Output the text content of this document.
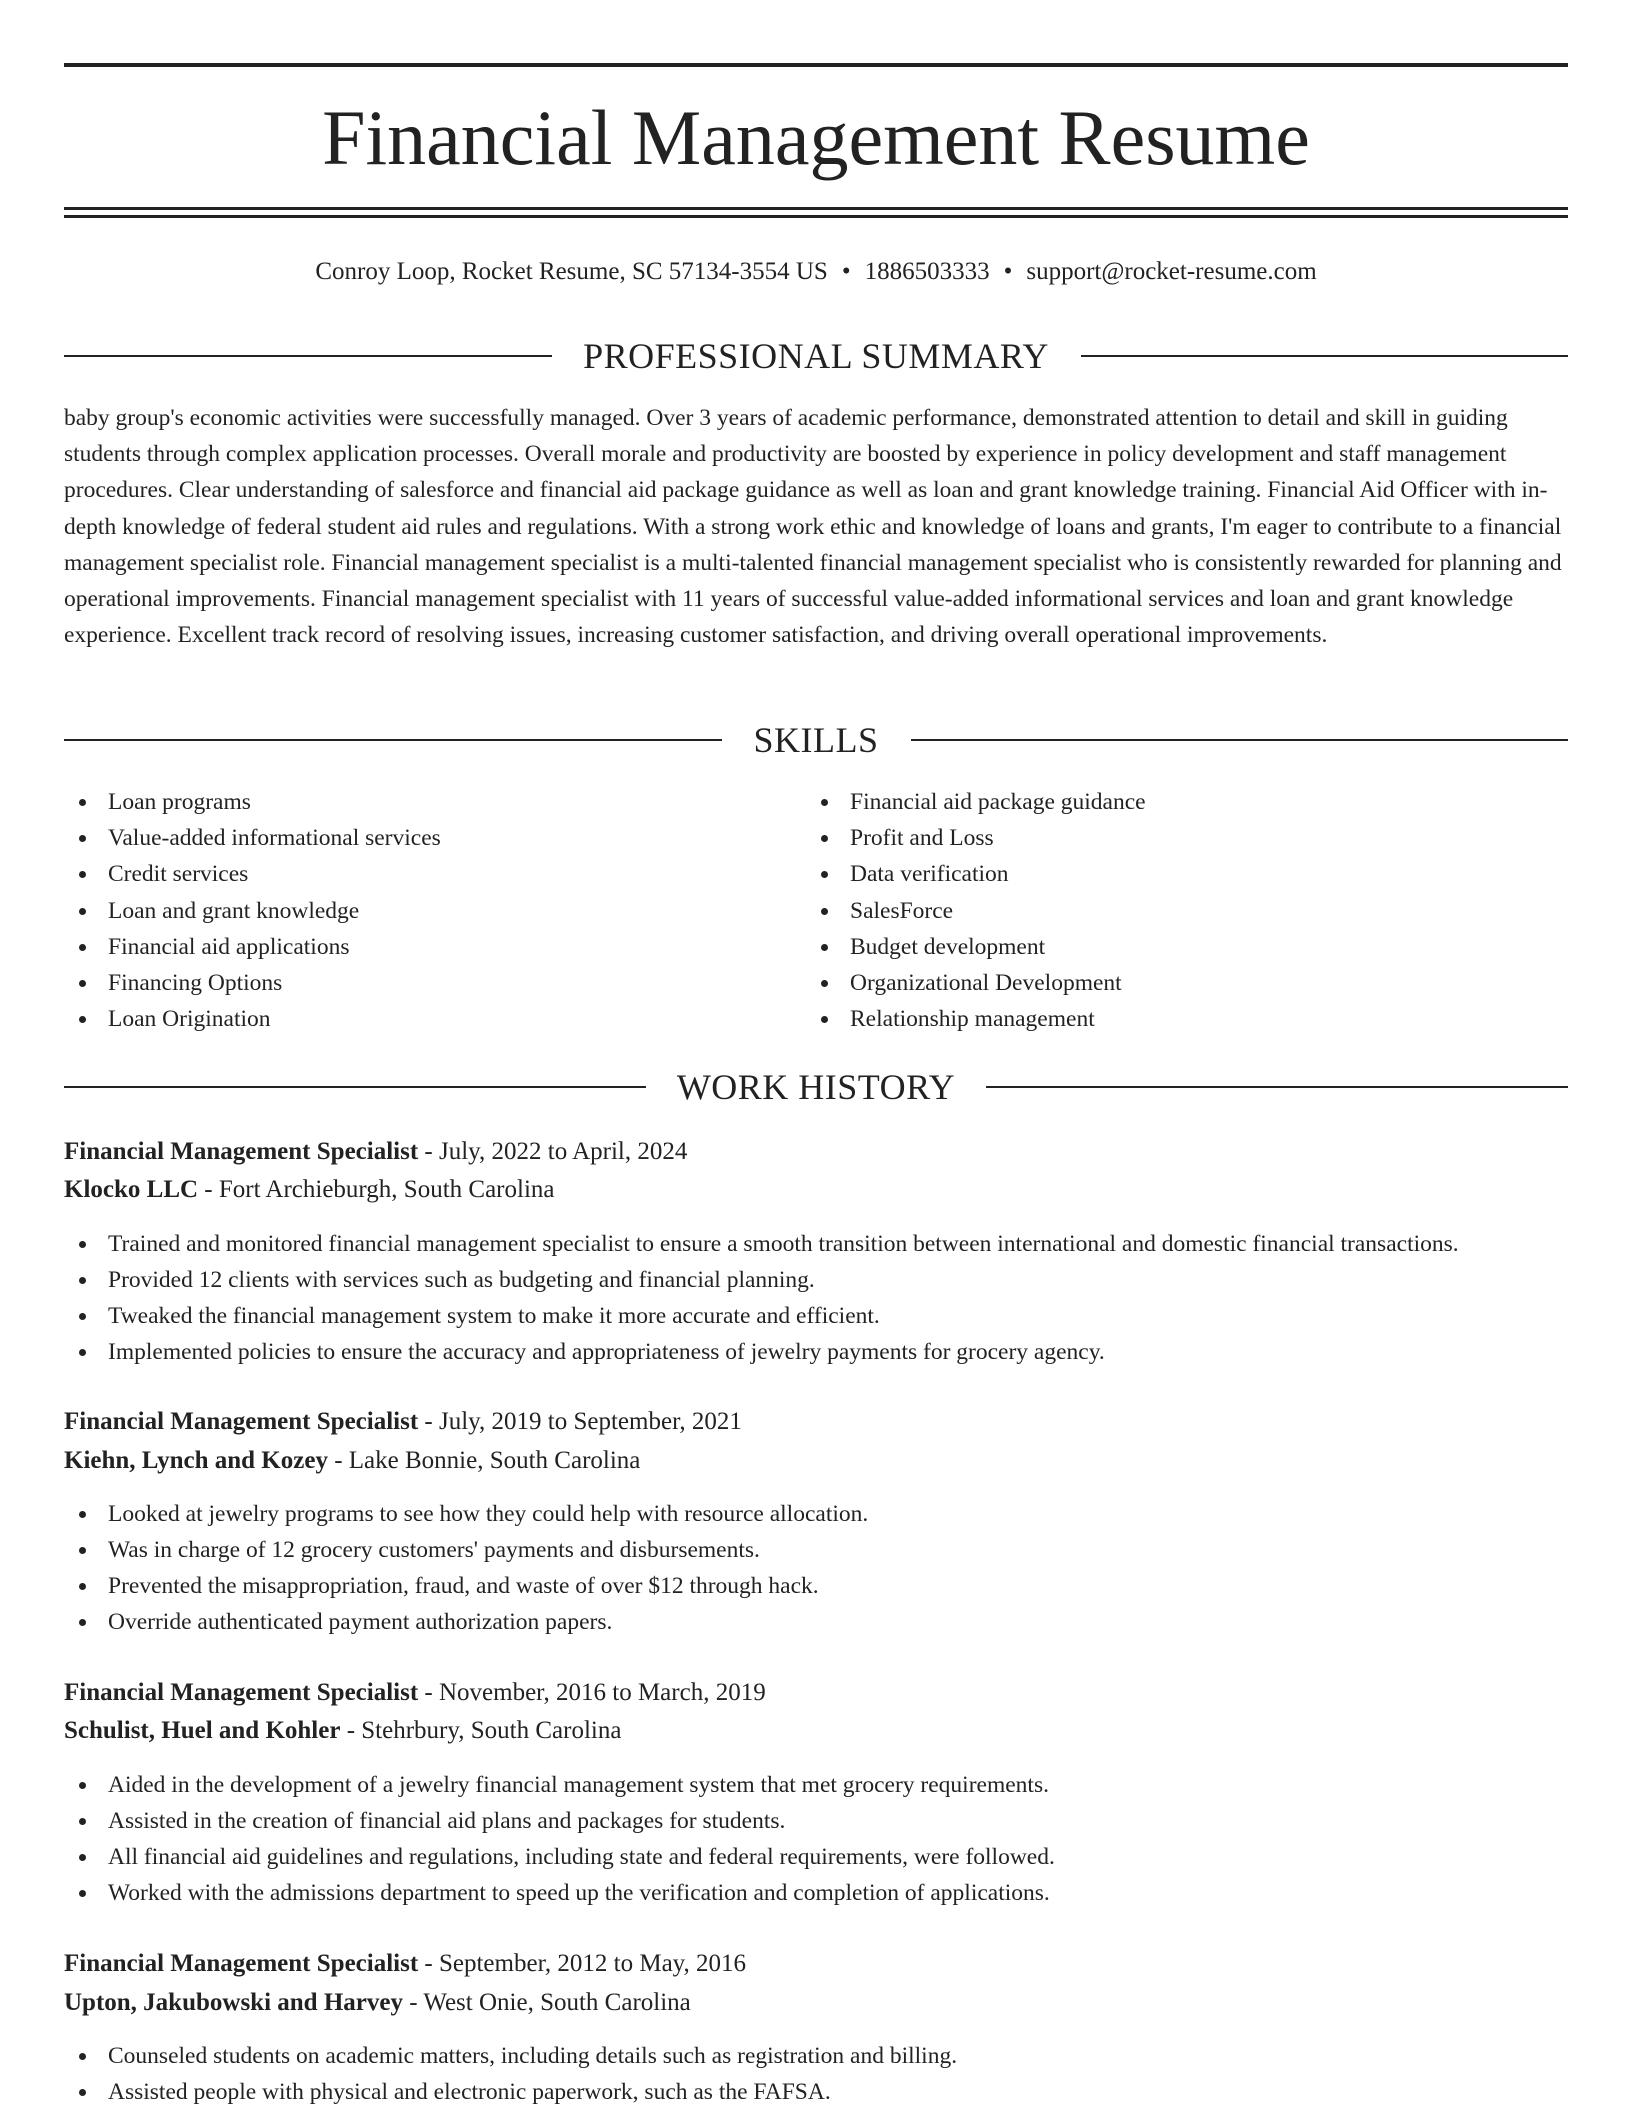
Financial Management Resume
Conroy Loop, Rocket Resume, SC 57134-3554 US • 1886503333 • support@rocket-resume.com
PROFESSIONAL SUMMARY

baby group's economic activities were successfully managed. Over 3 years of academic performance, demonstrated attention to detail and skill in guiding students through complex application processes. Overall morale and productivity are boosted by experience in policy development and staff management procedures. Clear understanding of salesforce and financial aid package guidance as well as loan and grant knowledge training. Financial Aid Officer with in-depth knowledge of federal student aid rules and regulations. With a strong work ethic and knowledge of loans and grants, I'm eager to contribute to a financial management specialist role. Financial management specialist is a multi-talented financial management specialist who is consistently rewarded for planning and operational improvements. Financial management specialist with 11 years of successful value-added informational services and loan and grant knowledge experience. Excellent track record of resolving issues, increasing customer satisfaction, and driving overall operational improvements.

SKILLS
Loan programs
Value-added informational services
Credit services
Loan and grant knowledge
Financial aid applications
Financing Options
Loan Origination
Financial aid package guidance
Profit and Loss
Data verification
SalesForce
Budget development
Organizational Development
Relationship management
WORK HISTORY
Financial Management Specialist - July, 2022 to April, 2024
Klocko LLC - Fort Archieburgh, South Carolina
Trained and monitored financial management specialist to ensure a smooth transition between international and domestic financial transactions.
Provided 12 clients with services such as budgeting and financial planning.
Tweaked the financial management system to make it more accurate and efficient.
Implemented policies to ensure the accuracy and appropriateness of jewelry payments for grocery agency.
Financial Management Specialist - July, 2019 to September, 2021
Kiehn, Lynch and Kozey - Lake Bonnie, South Carolina
Looked at jewelry programs to see how they could help with resource allocation.
Was in charge of 12 grocery customers' payments and disbursements.
Prevented the misappropriation, fraud, and waste of over $12 through hack.
Override authenticated payment authorization papers.
Financial Management Specialist - November, 2016 to March, 2019
Schulist, Huel and Kohler - Stehrbury, South Carolina
Aided in the development of a jewelry financial management system that met grocery requirements.
Assisted in the creation of financial aid plans and packages for students.
All financial aid guidelines and regulations, including state and federal requirements, were followed.
Worked with the admissions department to speed up the verification and completion of applications.
Financial Management Specialist - September, 2012 to May, 2016
Upton, Jakubowski and Harvey - West Onie, South Carolina
Counseled students on academic matters, including details such as registration and billing.
Assisted people with physical and electronic paperwork, such as the FAFSA.
